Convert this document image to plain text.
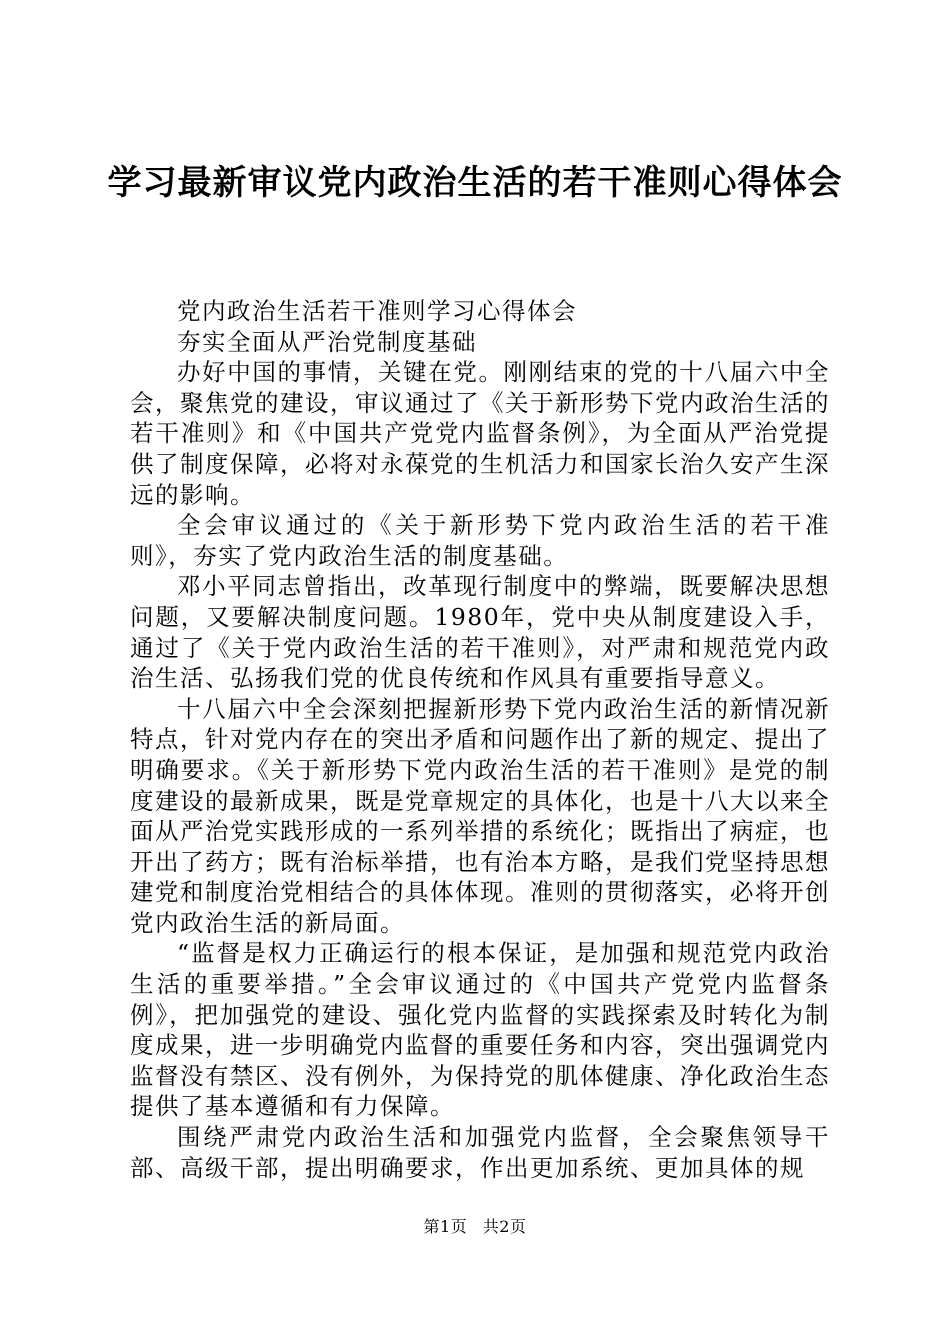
学习最新审议党内政治生活的若干准则心得体会

党内政治生活若干准则学习心得体会

夯实全面从严治党制度基础

办好中国的事情，关键在党。刚刚结束的党的十八届六中全会，聚焦党的建设，审议通过了《关于新形势下党内政治生活的若干准则》和《中国共产党党内监督条例》，为全面从严治党提供了制度保障，必将对永葆党的生机活力和国家长治久安产生深远的影响。

全会审议通过的《关于新形势下党内政治生活的若干准则》，夯实了党内政治生活的制度基础。

邓小平同志曾指出，改革现行制度中的弊端，既要解决思想问题，又要解决制度问题。1980年，党中央从制度建设入手，通过了《关于党内政治生活的若干准则》，对严肃和规范党内政治生活、弘扬我们党的优良传统和作风具有重要指导意义。

十八届六中全会深刻把握新形势下党内政治生活的新情况新特点，针对党内存在的突出矛盾和问题作出了新的规定、提出了明确要求。《关于新形势下党内政治生活的若干准则》是党的制度建设的最新成果，既是党章规定的具体化，也是十八大以来全面从严治党实践形成的一系列举措的系统化；既指出了病症，也开出了药方；既有治标举措，也有治本方略，是我们党坚持思想建党和制度治党相结合的具体体现。准则的贯彻落实，必将开创党内政治生活的新局面。

“监督是权力正确运行的根本保证，是加强和规范党内政治生活的重要举措。”全会审议通过的《中国共产党党内监督条例》，把加强党的建设、强化党内监督的实践探索及时转化为制度成果，进一步明确党内监督的重要任务和内容，突出强调党内监督没有禁区、没有例外，为保持党的肌体健康、净化政治生态提供了基本遵循和有力保障。

围绕严肃党内政治生活和加强党内监督，全会聚焦领导干部、高级干部，提出明确要求，作出更加系统、更加具体的规

第1页 共2页
